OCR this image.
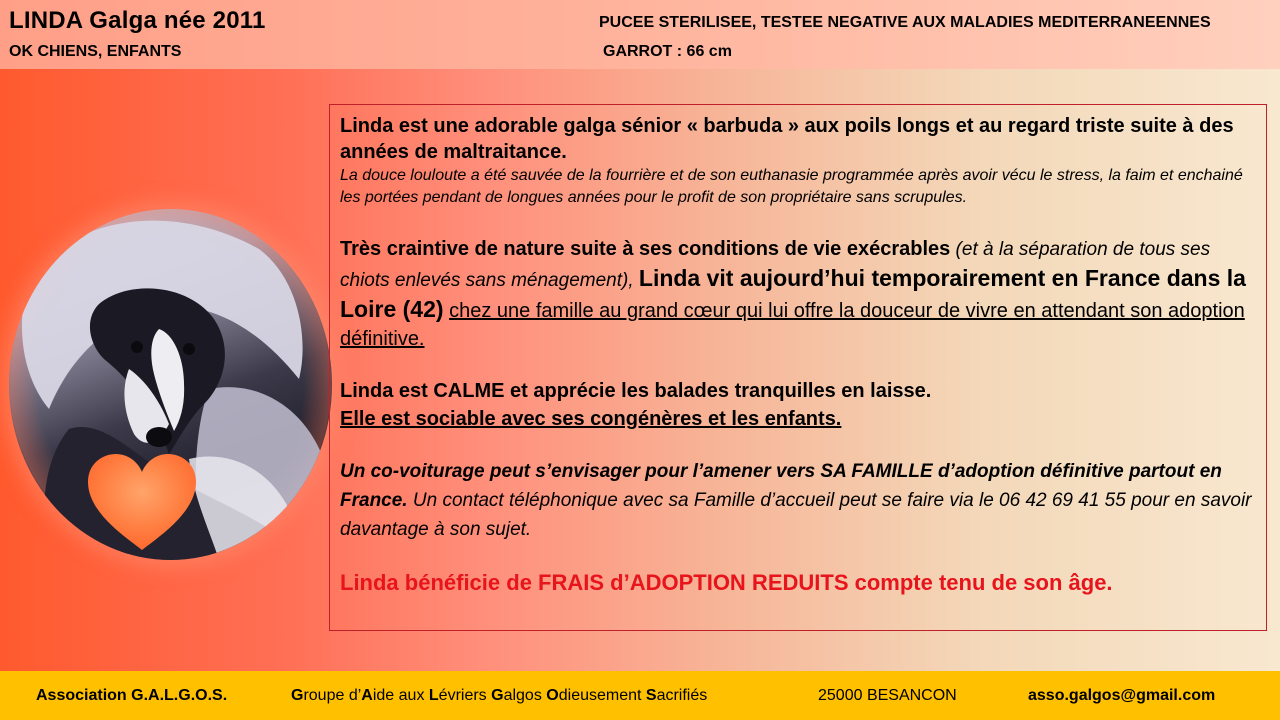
LINDA Galga née 2011

OK CHIENS, ENFANTS

PUCEE STERILISEE, TESTEE NEGATIVE AUX MALADIES MEDITERRANEENNES

GARROT : 66 cm

Linda est une adorable galga sénior « barbuda » aux poils longs et au regard triste suite à des années de maltraitance.

La douce louloute a été sauvée de la fourrière et de son euthanasie programmée après avoir vécu le stress, la faim et enchainé les portées pendant de longues années pour le profit de son propriétaire sans scrupules.

Très craintive de nature suite à ses conditions de vie exécrables (et à la séparation de tous ses chiots enlevés sans ménagement), Linda vit aujourd’hui temporairement en France dans la Loire (42) chez une famille au grand cœur qui lui offre la douceur de vivre en attendant son adoption définitive.

Linda est CALME et apprécie les balades tranquilles en laisse.

Elle est sociable avec ses congénères et les enfants.

Un co-voiturage peut s’envisager pour l’amener vers SA FAMILLE d’adoption définitive partout en France. Un contact téléphonique avec sa Famille d’accueil peut se faire via le 06 42 69 41 55 pour en savoir davantage à son sujet.

Linda bénéficie de FRAIS d’ADOPTION REDUITS compte tenu de son âge.

Association G.A.L.G.O.S.	Groupe d’Aide aux Lévriers Galgos Odieusement Sacrifiés	25000 BESANCON	asso.galgos@gmail.com
